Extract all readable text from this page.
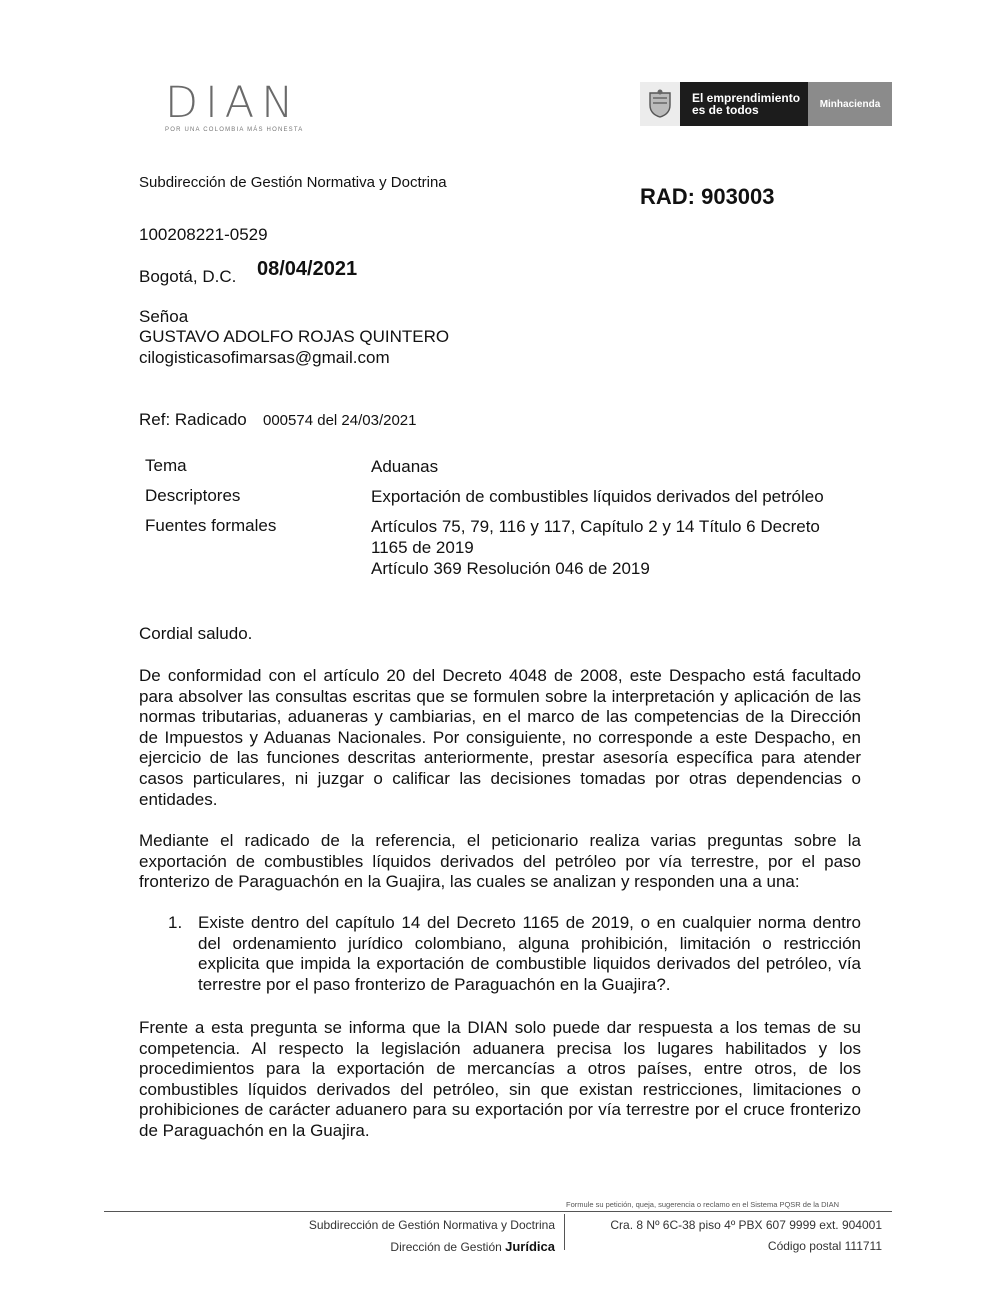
DIAN
POR UNA COLOMBIA MÁS HONESTA
El emprendimiento es de todos	Minhacienda
Subdirección de Gestión Normativa y Doctrina
RAD: 903003
100208221-0529
Bogotá, D.C. 08/04/2021
Señoa
GUSTAVO ADOLFO ROJAS QUINTERO
cilogisticasofimarsas@gmail.com
Ref: Radicado 000574 del 24/03/2021
Tema	Aduanas
Descriptores	Exportación de combustibles líquidos derivados del petróleo
Fuentes formales	Artículos 75, 79, 116 y 117, Capítulo 2 y 14 Título 6 Decreto
1165 de 2019
Artículo 369 Resolución 046 de 2019
Cordial saludo.

De conformidad con el artículo 20 del Decreto 4048 de 2008, este Despacho está facultado para absolver las consultas escritas que se formulen sobre la interpretación y aplicación de las normas tributarias, aduaneras y cambiarias, en el marco de las competencias de la Dirección de Impuestos y Aduanas Nacionales. Por consiguiente, no corresponde a este Despacho, en ejercicio de las funciones descritas anteriormente, prestar asesoría específica para atender casos particulares, ni juzgar o calificar las decisiones tomadas por otras dependencias o entidades.

Mediante el radicado de la referencia, el peticionario realiza varias preguntas sobre la exportación de combustibles líquidos derivados del petróleo por vía terrestre, por el paso fronterizo de Paraguachón en la Guajira, las cuales se analizan y responden una a una:

1. Existe dentro del capítulo 14 del Decreto 1165 de 2019, o en cualquier norma dentro del ordenamiento jurídico colombiano, alguna prohibición, limitación o restricción explicita que impida la exportación de combustible liquidos derivados del petróleo, vía terrestre por el paso fronterizo de Paraguachón en la Guajira?.

Frente a esta pregunta se informa que la DIAN solo puede dar respuesta a los temas de su competencia. Al respecto la legislación aduanera precisa los lugares habilitados y los procedimientos para la exportación de mercancías a otros países, entre otros, de los combustibles líquidos derivados del petróleo, sin que existan restricciones, limitaciones o prohibiciones de carácter aduanero para su exportación por vía terrestre por el cruce fronterizo de Paraguachón en la Guajira.

Formule su petición, queja, sugerencia o reclamo en el Sistema PQSR de la DIAN
Subdirección de Gestión Normativa y Doctrina
Dirección de Gestión Jurídica
Cra. 8 Nº 6C-38 piso 4º PBX 607 9999 ext. 904001
Código postal 111711
